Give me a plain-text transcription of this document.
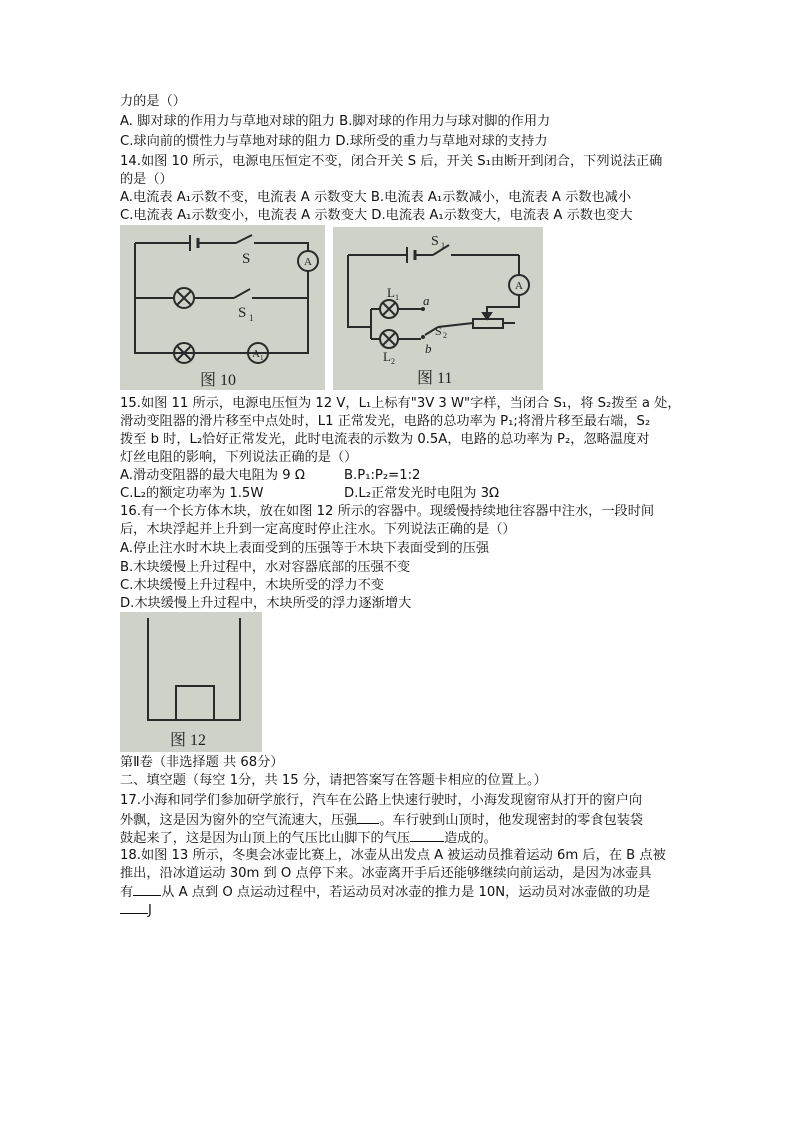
力的是（）
A. 脚对球的作用力与草地对球的阻力 B.脚对球的作用力与球对脚的作用力
C.球向前的惯性力与草地对球的阻力 D.球所受的重力与草地对球的支持力
14.如图 10 所示，电源电压恒定不变，闭合开关 S 后，开关 S₁由断开到闭合，下列说法正确
的是（）
A.电流表 A₁示数不变，电流表 A 示数变大 B.电流表 A₁示数减小，电流表 A 示数也减小
C.电流表 A₁示数变小，电流表 A 示数变大 D.电流表 A₁示数变大，电流表 A 示数也变大
S	A
S 1
A 1
图 10
S 1
A
L 1 a
S 2
b
L 2
图 11
15.如图 11 所示，电源电压恒为 12 V，L₁上标有"3V 3 W"字样，当闭合 S₁，将 S₂拨至 a 处，
滑动变阻器的滑片移至中点处时，L1 正常发光，电路的总功率为 P₁;将滑片移至最右端，S₂
拨至 b 时，L₂恰好正常发光，此时电流表的示数为 0.5A，电路的总功率为 P₂，忽略温度对
灯丝电阻的影响，下列说法正确的是（）
A.滑动变阻器的最大电阻为 9 Ω	B.P₁:P₂=1:2
C.L₂的额定功率为 1.5W	D.L₂正常发光时电阻为 3Ω
16.有一个长方体木块，放在如图 12 所示的容器中。现缓慢持续地往容器中注水，一段时间
后，木块浮起并上升到一定高度时停止注水。下列说法正确的是（）
A.停止注水时木块上表面受到的压强等于木块下表面受到的压强
B.木块缓慢上升过程中，水对容器底部的压强不变
C.木块缓慢上升过程中，木块所受的浮力不变
D.木块缓慢上升过程中，木块所受的浮力逐渐增大
图 12
第Ⅱ卷（非选择题 共 68分）
二、填空题（每空 1分，共 15 分，请把答案写在答题卡相应的位置上。）
17.小海和同学们参加研学旅行，汽车在公路上快速行驶时，小海发现窗帘从打开的窗户向
外飘，这是因为窗外的空气流速大，压强 。车行驶到山顶时，他发现密封的零食包装袋
鼓起来了，这是因为山顶上的气压比山脚下的气压	造成的。
18.如图 13 所示，冬奥会冰壶比赛上，冰壶从出发点 A 被运动员推着运动 6m 后，在 B 点被
推出，沿冰道运动 30m 到 O 点停下来。冰壶离开手后还能够继续向前运动，是因为冰壶具
有 从 A 点到 O 点运动过程中，若运动员对冰壶的推力是 10N，运动员对冰壶做的功是
J
